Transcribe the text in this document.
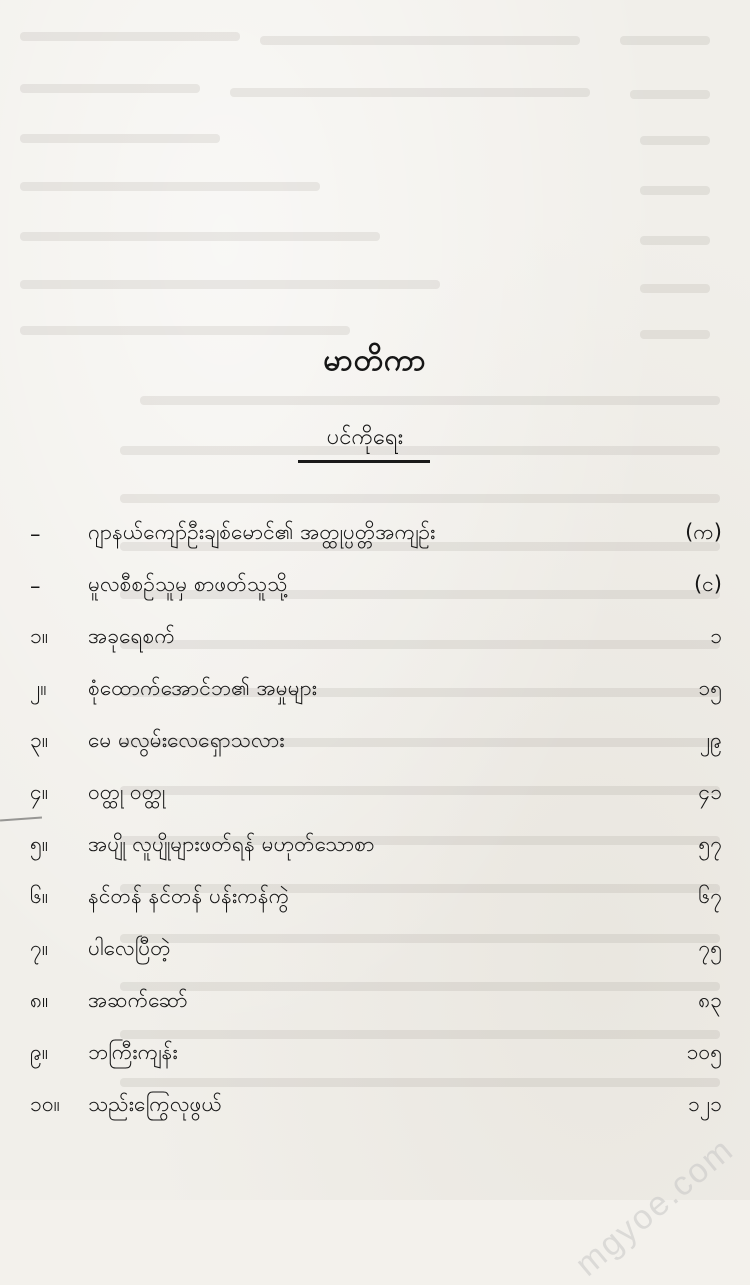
မာတိကာ
ပင်ကိုရေး
–	ဂျာနယ်ကျော်ဦးချစ်မောင်၏ အတ္ထုပ္ပတ္တိအကျဉ်း	(က)
–	မူလစီစဉ်သူမှ စာဖတ်သူသို့	(င)
၁။	အခုရေစက်	၁
၂။	စုံထောက်အောင်ဘ၏ အမှုများ	၁၅
၃။	မေ မလွမ်းလေရှောသလား	၂၉
၄။	ဝတ္ထု ဝတ္ထု	၄၁
၅။	အပျို လူပျိုများဖတ်ရန် မဟုတ်သောစာ	၅၇
၆။	နင်တန် နင်တန် ပန်းကန်ကွဲ	၆၇
၇။	ပါလေပြီတဲ့	၇၅
၈။	အဆက်ဆော်	၈၃
၉။	ဘကြီးကျန်း	၁၀၅
၁၀။	သည်းကြွေလုဖွယ်	၁၂၁
mgyoe.com
